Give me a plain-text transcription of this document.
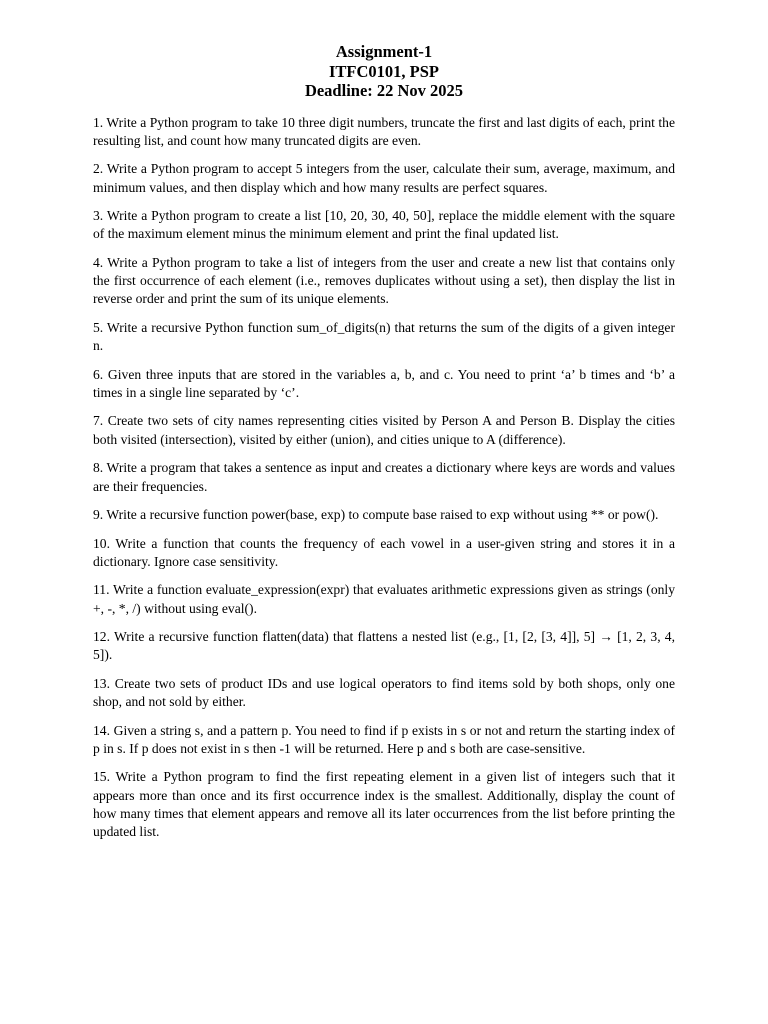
Assignment-1
ITFC0101, PSP
Deadline: 22 Nov 2025

1. Write a Python program to take 10 three digit numbers, truncate the first and last digits of each, print the resulting list, and count how many truncated digits are even.

2. Write a Python program to accept 5 integers from the user, calculate their sum, average, maximum, and minimum values, and then display which and how many results are perfect squares.

3. Write a Python program to create a list [10, 20, 30, 40, 50], replace the middle element with the square of the maximum element minus the minimum element and print the final updated list.

4. Write a Python program to take a list of integers from the user and create a new list that contains only the first occurrence of each element (i.e., removes duplicates without using a set), then display the list in reverse order and print the sum of its unique elements.

5. Write a recursive Python function sum_of_digits(n) that returns the sum of the digits of a given integer n.

6. Given three inputs that are stored in the variables a, b, and c. You need to print ‘a’ b times and ‘b’ a times in a single line separated by ‘c’.

7. Create two sets of city names representing cities visited by Person A and Person B. Display the cities both visited (intersection), visited by either (union), and cities unique to A (difference).

8. Write a program that takes a sentence as input and creates a dictionary where keys are words and values are their frequencies.

9. Write a recursive function power(base, exp) to compute base raised to exp without using ** or pow().

10. Write a function that counts the frequency of each vowel in a user-given string and stores it in a dictionary. Ignore case sensitivity.

11. Write a function evaluate_expression(expr) that evaluates arithmetic expressions given as strings (only +, -, *, /) without using eval().

12. Write a recursive function flatten(data) that flattens a nested list (e.g., [1, [2, [3, 4]], 5] → [1, 2, 3, 4, 5]).

13. Create two sets of product IDs and use logical operators to find items sold by both shops, only one shop, and not sold by either.

14. Given a string s, and a pattern p. You need to find if p exists in s or not and return the starting index of p in s. If p does not exist in s then -1 will be returned. Here p and s both are case-sensitive.

15. Write a Python program to find the first repeating element in a given list of integers such that it appears more than once and its first occurrence index is the smallest. Additionally, display the count of how many times that element appears and remove all its later occurrences from the list before printing the updated list.
